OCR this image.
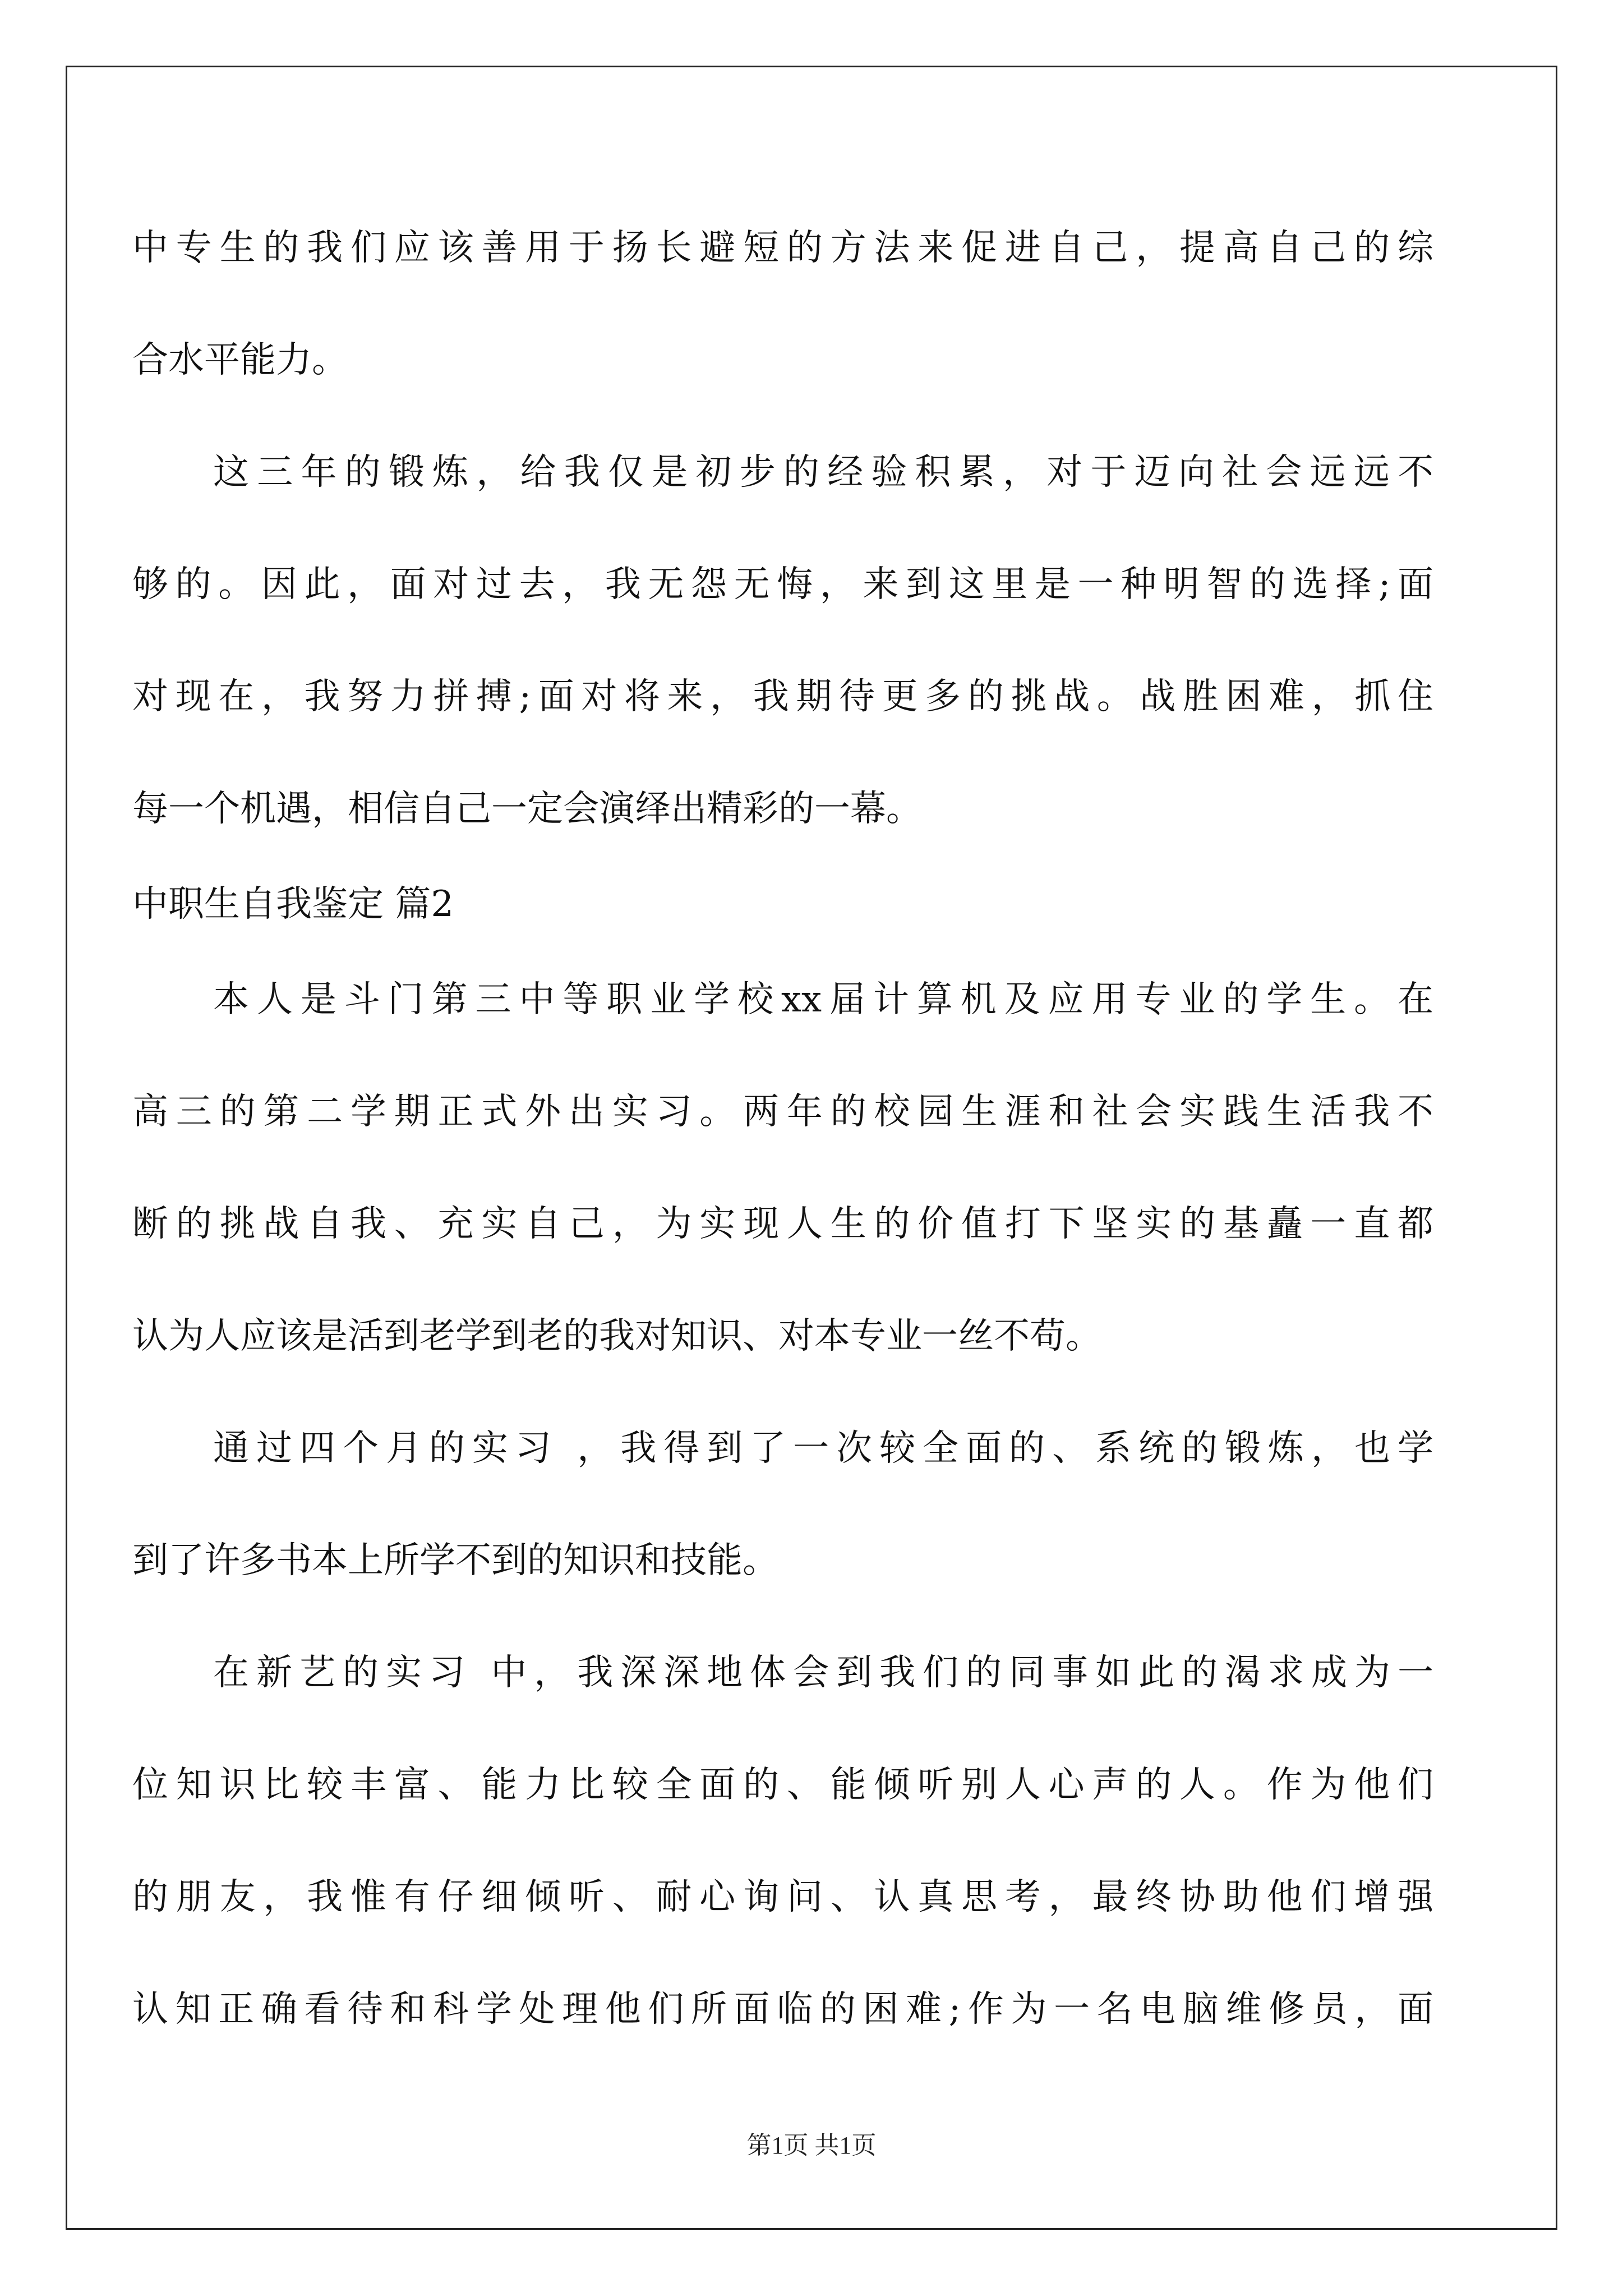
中专生的我们应该善用于扬长避短的方法来促进自己，提高自己的综
合水平能力。
这三年的锻炼，给我仅是初步的经验积累，对于迈向社会远远不
够的。因此，面对过去，我无怨无悔，来到这里是一种明智的选择;面
对现在，我努力拼搏;面对将来，我期待更多的挑战。战胜困难，抓住
每一个机遇，相信自己一定会演绎出精彩的一幕。
中职生自我鉴定 篇2
本人是斗门第三中等职业学校xx届计算机及应用专业的学生。在
高三的第二学期正式外出实习。两年的校园生涯和社会实践生活我不
断的挑战自我、充实自己，为实现人生的价值打下坚实的基矗一直都
认为人应该是活到老学到老的我对知识、对本专业一丝不苟。
通过四个月的实习 ，我得到了一次较全面的、系统的锻炼，也学
到了许多书本上所学不到的知识和技能。
在新艺的实习 中，我深深地体会到我们的同事如此的渴求成为一
位知识比较丰富、能力比较全面的、能倾听别人心声的人。作为他们
的朋友，我惟有仔细倾听、耐心询问、认真思考，最终协助他们增强
认知正确看待和科学处理他们所面临的困难;作为一名电脑维修员，面
第1页 共1页
